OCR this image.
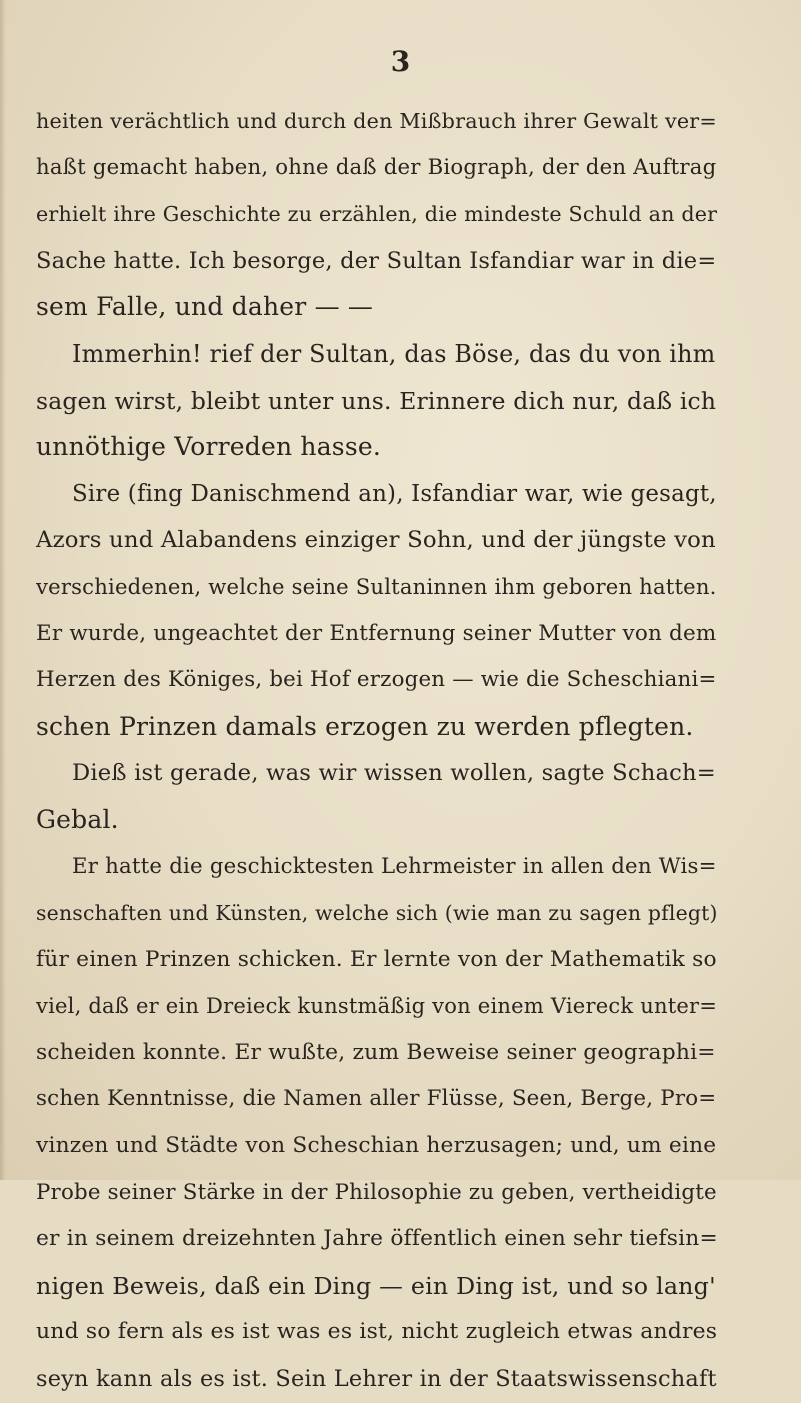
3
heiten verächtlich und durch den Mißbrauch ihrer Gewalt ver=
haßt gemacht haben, ohne daß der Biograph, der den Auftrag
erhielt ihre Geschichte zu erzählen, die mindeste Schuld an der
Sache hatte. Ich besorge, der Sultan Isfandiar war in die=
sem Falle, und daher — —
Immerhin! rief der Sultan, das Böse, das du von ihm
sagen wirst, bleibt unter uns. Erinnere dich nur, daß ich
unnöthige Vorreden hasse.
Sire (fing Danischmend an), Isfandiar war, wie gesagt,
Azors und Alabandens einziger Sohn, und der jüngste von
verschiedenen, welche seine Sultaninnen ihm geboren hatten.
Er wurde, ungeachtet der Entfernung seiner Mutter von dem
Herzen des Königes, bei Hof erzogen — wie die Scheschiani=
schen Prinzen damals erzogen zu werden pflegten.
Dieß ist gerade, was wir wissen wollen, sagte Schach=
Gebal.
Er hatte die geschicktesten Lehrmeister in allen den Wis=
senschaften und Künsten, welche sich (wie man zu sagen pflegt)
für einen Prinzen schicken. Er lernte von der Mathematik so
viel, daß er ein Dreieck kunstmäßig von einem Viereck unter=
scheiden konnte. Er wußte, zum Beweise seiner geographi=
schen Kenntnisse, die Namen aller Flüsse, Seen, Berge, Pro=
vinzen und Städte von Scheschian herzusagen; und, um eine
Probe seiner Stärke in der Philosophie zu geben, vertheidigte
er in seinem dreizehnten Jahre öffentlich einen sehr tiefsin=
nigen Beweis, daß ein Ding — ein Ding ist, und so lang'
und so fern als es ist was es ist, nicht zugleich etwas andres
seyn kann als es ist. Sein Lehrer in der Staatswissenschaft
